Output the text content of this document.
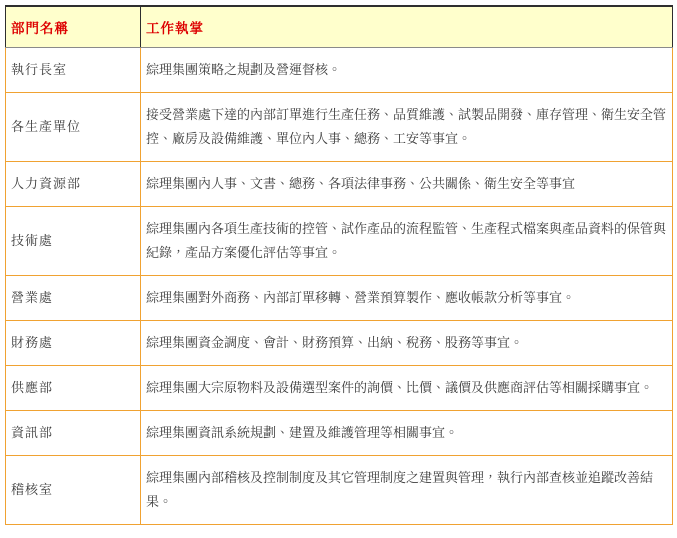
部門名稱	工作執掌
執行長室	綜理集團策略之規劃及營運督核。
各生產單位	接受營業處下達的內部訂單進行生產任務、品質維護、試製品開發、庫存管理、衛生安全管控、廠房及設備維護、單位內人事、總務、工安等事宜。
人力資源部	綜理集團內人事、文書、總務、各項法律事務、公共關係、衛生安全等事宜
技術處	綜理集團內各項生產技術的控管、試作產品的流程監管、生產程式檔案與產品資料的保管與紀錄，產品方案優化評估等事宜。
營業處	綜理集團對外商務、內部訂單移轉、營業預算製作、應收帳款分析等事宜。
財務處	綜理集團資金調度、會計、財務預算、出納、稅務、股務等事宜。
供應部	綜理集團大宗原物料及設備選型案件的詢價、比價、議價及供應商評估等相關採購事宜。
資訊部	綜理集團資訊系統規劃、建置及維護管理等相關事宜。
稽核室	綜理集團內部稽核及控制制度及其它管理制度之建置與管理，執行內部查核並追蹤改善結果。
